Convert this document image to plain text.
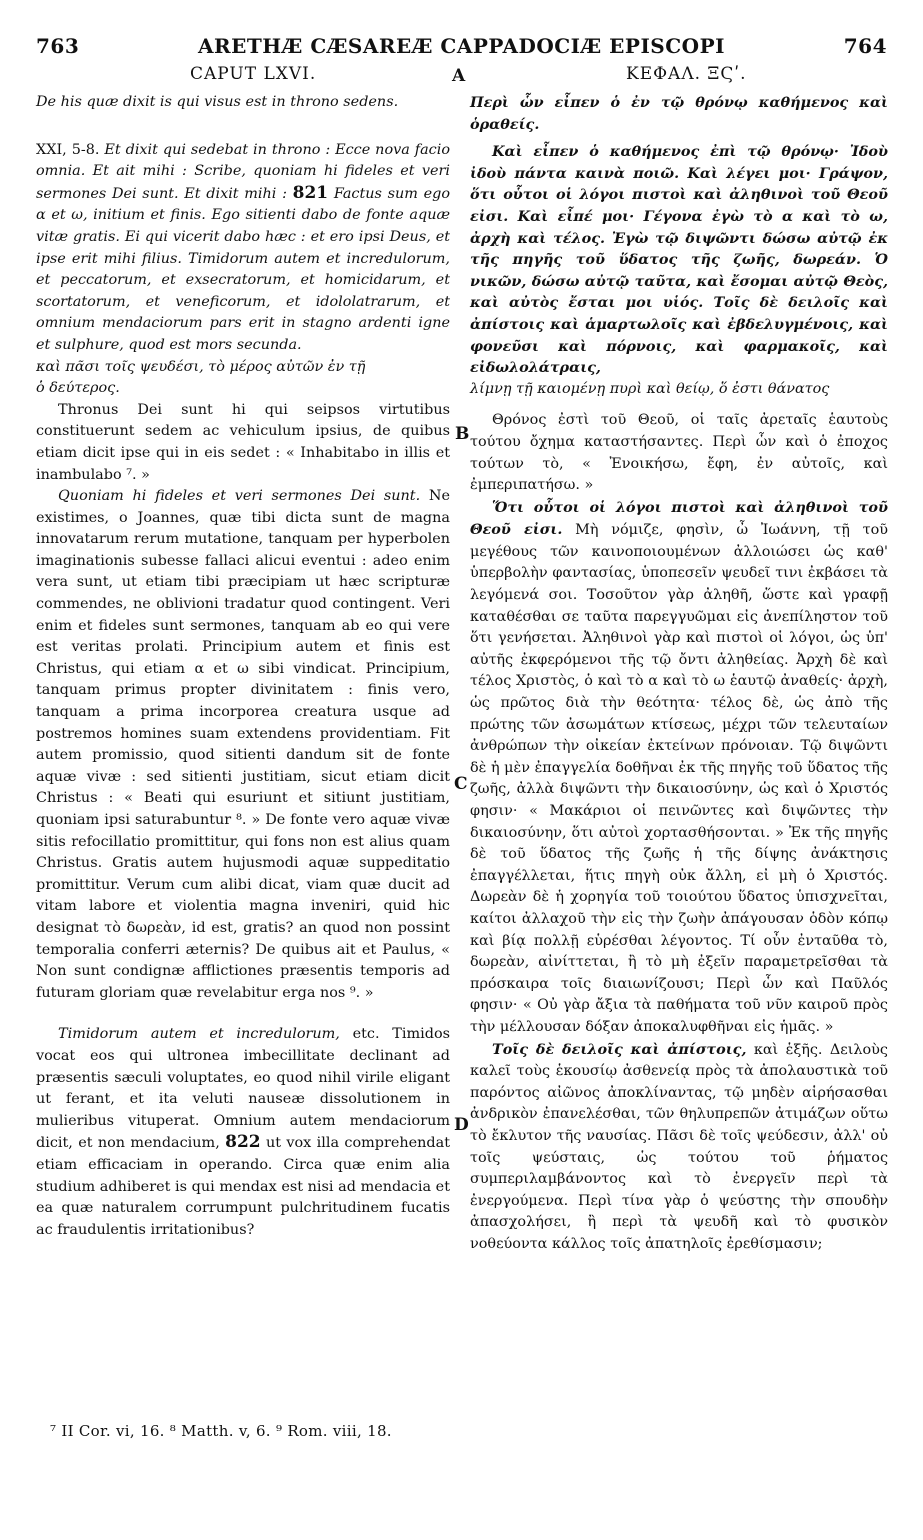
763	ARETHÆ CÆSAREÆ CAPPADOCIÆ EPISCOPI	764
CAPUT LXVI.	ΚΕΦΑΛ. ΞϚʹ.
A
B
C
D

De his quæ dixit is qui visus est in throno sedens.

XXI, 5-8. Et dixit qui sedebat in throno : Ecce nova facio omnia. Et ait mihi : Scribe, quoniam hi fideles et veri sermones Dei sunt. Et dixit mihi : 821 Factus sum ego α et ω, initium et finis. Ego sitienti dabo de fonte aquæ vitæ gratis. Ei qui vicerit dabo hæc : et ero ipsi Deus, et ipse erit mihi filius. Timidorum autem et incredulorum, et peccatorum, et exsecratorum, et homicidarum, et scortatorum, et veneficorum, et idololatrarum, et omnium mendaciorum pars erit in stagno ardenti igne et sulphure, quod est mors secunda.

καὶ πᾶσι τοῖς ψευδέσι, τὸ μέρος αὐτῶν ἐν τῇ

ὁ δεύτερος.

Thronus Dei sunt hi qui seipsos virtutibus constituerunt sedem ac vehiculum ipsius, de quibus etiam dicit ipse qui in eis sedet : « Inhabitabo in illis et inambulabo ⁷. »

Quoniam hi fideles et veri sermones Dei sunt. Ne existimes, o Joannes, quæ tibi dicta sunt de magna innovatarum rerum mutatione, tanquam per hyperbolen imaginationis subesse fallaci alicui eventui : adeo enim vera sunt, ut etiam tibi præcipiam ut hæc scripturæ commendes, ne oblivioni tradatur quod contingent. Veri enim et fideles sunt sermones, tanquam ab eo qui vere est veritas prolati. Principium autem et finis est Christus, qui etiam α et ω sibi vindicat. Principium, tanquam primus propter divinitatem : finis vero, tanquam a prima incorporea creatura usque ad postremos homines suam extendens providentiam. Fit autem promissio, quod sitienti dandum sit de fonte aquæ vivæ : sed sitienti justitiam, sicut etiam dicit Christus : « Beati qui esuriunt et sitiunt justitiam, quoniam ipsi saturabuntur ⁸. » De fonte vero aquæ vivæ sitis refocillatio promittitur, qui fons non est alius quam Christus. Gratis autem hujusmodi aquæ suppeditatio promittitur. Verum cum alibi dicat, viam quæ ducit ad vitam labore et violentia magna inveniri, quid hic designat τὸ δωρεὰν, id est, gratis? an quod non possint temporalia conferri æternis? De quibus ait et Paulus, « Non sunt condignæ afflictiones præsentis temporis ad futuram gloriam quæ revelabitur erga nos ⁹. »

Timidorum autem et incredulorum, etc. Timidos vocat eos qui ultronea imbecillitate declinant ad præsentis sæculi voluptates, eo quod nihil virile eligant ut ferant, et ita veluti nauseæ dissolutionem in mulieribus vituperat. Omnium autem mendaciorum dicit, et non mendacium, 822 ut vox illa comprehendat etiam efficaciam in operando. Circa quæ enim alia studium adhiberet is qui mendax est nisi ad mendacia et ea quæ naturalem corrumpunt pulchritudinem fucatis ac fraudulentis irritationibus?

Περὶ ὧν εἶπεν ὁ ἐν τῷ θρόνῳ καθήμενος καὶ ὁραθείς.

Καὶ εἶπεν ὁ καθήμενος ἐπὶ τῷ θρόνῳ· Ἰδοὺ ἰδοὺ πάντα καινὰ ποιῶ. Καὶ λέγει μοι· Γράψον, ὅτι οὗτοι οἱ λόγοι πιστοὶ καὶ ἀληθινοὶ τοῦ Θεοῦ εἰσι. Καὶ εἶπέ μοι· Γέγονα ἐγὼ τὸ α καὶ τὸ ω, ἀρχὴ καὶ τέλος. Ἐγὼ τῷ διψῶντι δώσω αὐτῷ ἐκ τῆς πηγῆς τοῦ ὕδατος τῆς ζωῆς, δωρεάν. Ὁ νικῶν, δώσω αὐτῷ ταῦτα, καὶ ἔσομαι αὐτῷ Θεὸς, καὶ αὐτὸς ἔσται μοι υἱός. Τοῖς δὲ δειλοῖς καὶ ἀπίστοις καὶ ἁμαρτωλοῖς καὶ ἐβδελυγμένοις, καὶ φονεῦσι καὶ πόρνοις, καὶ φαρμακοῖς, καὶ εἰδωλολάτραις,

λίμνῃ τῇ καιομένῃ πυρὶ καὶ θείῳ, ὅ ἐστι θάνατος

Θρόνος ἐστὶ τοῦ Θεοῦ, οἱ ταῖς ἀρεταῖς ἑαυτοὺς τούτου ὄχημα καταστήσαντες. Περὶ ὧν καὶ ὁ ἐποχος τούτων τὸ, « Ἐνοικήσω, ἔφη, ἐν αὐτοῖς, καὶ ἐμπεριπατήσω. »

Ὅτι οὗτοι οἱ λόγοι πιστοὶ καὶ ἀληθινοὶ τοῦ Θεοῦ εἰσι. Μὴ νόμιζε, φησὶν, ὦ Ἰωάννη, τῇ τοῦ μεγέθους τῶν καινοποιουμένων ἀλλοιώσει ὡς καθ' ὑπερβολὴν φαντασίας, ὑποπεσεῖν ψευδεῖ τινι ἐκβάσει τὰ λεγόμενά σοι. Τοσοῦτον γὰρ ἀληθῆ, ὥστε καὶ γραφῇ καταθέσθαι σε ταῦτα παρεγγυῶμαι εἰς ἀνεπίληστον τοῦ ὅτι γενήσεται. Ἀληθινοὶ γὰρ καὶ πιστοὶ οἱ λόγοι, ὡς ὑπ' αὐτῆς ἐκφερόμενοι τῆς τῷ ὄντι ἀληθείας. Ἀρχὴ δὲ καὶ τέλος Χριστὸς, ὁ καὶ τὸ α καὶ τὸ ω ἑαυτῷ ἀναθείς· ἀρχὴ, ὡς πρῶτος διὰ τὴν θεότητα· τέλος δὲ, ὡς ἀπὸ τῆς πρώτης τῶν ἀσωμάτων κτίσεως, μέχρι τῶν τελευταίων ἀνθρώπων τὴν οἰκείαν ἐκτείνων πρόνοιαν. Τῷ διψῶντι δὲ ἡ μὲν ἐπαγγελία δοθῆναι ἐκ τῆς πηγῆς τοῦ ὕδατος τῆς ζωῆς, ἀλλὰ διψῶντι τὴν δικαιοσύνην, ὡς καὶ ὁ Χριστός φησιν· « Μακάριοι οἱ πεινῶντες καὶ διψῶντες τὴν δικαιοσύνην, ὅτι αὐτοὶ χορτασθήσονται. » Ἐκ τῆς πηγῆς δὲ τοῦ ὕδατος τῆς ζωῆς ἡ τῆς δίψης ἀνάκτησις ἐπαγγέλλεται, ἥτις πηγὴ οὐκ ἄλλη, εἰ μὴ ὁ Χριστός. Δωρεὰν δὲ ἡ χορηγία τοῦ τοιούτου ὕδατος ὑπισχνεῖται, καίτοι ἀλλαχοῦ τὴν εἰς τὴν ζωὴν ἀπάγουσαν ὁδὸν κόπῳ καὶ βίᾳ πολλῇ εὑρέσθαι λέγοντος. Τί οὖν ἐνταῦθα τὸ, δωρεὰν, αἰνίττεται, ἢ τὸ μὴ ἐξεῖν παραμετρεῖσθαι τὰ πρόσκαιρα τοῖς διαιωνίζουσι; Περὶ ὧν καὶ Παῦλός φησιν· « Οὐ γὰρ ἄξια τὰ παθήματα τοῦ νῦν καιροῦ πρὸς τὴν μέλλουσαν δόξαν ἀποκαλυφθῆναι εἰς ἡμᾶς. »

Τοῖς δὲ δειλοῖς καὶ ἀπίστοις, καὶ ἑξῆς. Δειλοὺς καλεῖ τοὺς ἑκουσίῳ ἀσθενείᾳ πρὸς τὰ ἀπολαυστικὰ τοῦ παρόντος αἰῶνος ἀποκλίναντας, τῷ μηδὲν αἱρήσασθαι ἀνδρικὸν ἐπανελέσθαι, τῶν θηλυπρεπῶν ἀτιμάζων οὕτω τὸ ἔκλυτον τῆς ναυσίας. Πᾶσι δὲ τοῖς ψεύδεσιν, ἀλλ' οὐ τοῖς ψεύσταις, ὡς τούτου τοῦ ῥήματος συμπεριλαμβάνοντος καὶ τὸ ἐνεργεῖν περὶ τὰ ἐνεργούμενα. Περὶ τίνα γὰρ ὁ ψεύστης τὴν σπουδὴν ἀπασχολήσει, ἢ περὶ τὰ ψευδῆ καὶ τὸ φυσικὸν νοθεύοντα κάλλος τοῖς ἀπατηλοῖς ἐρεθίσμασιν;

⁷ II Cor. vi, 16. ⁸ Matth. v, 6. ⁹ Rom. viii, 18.
